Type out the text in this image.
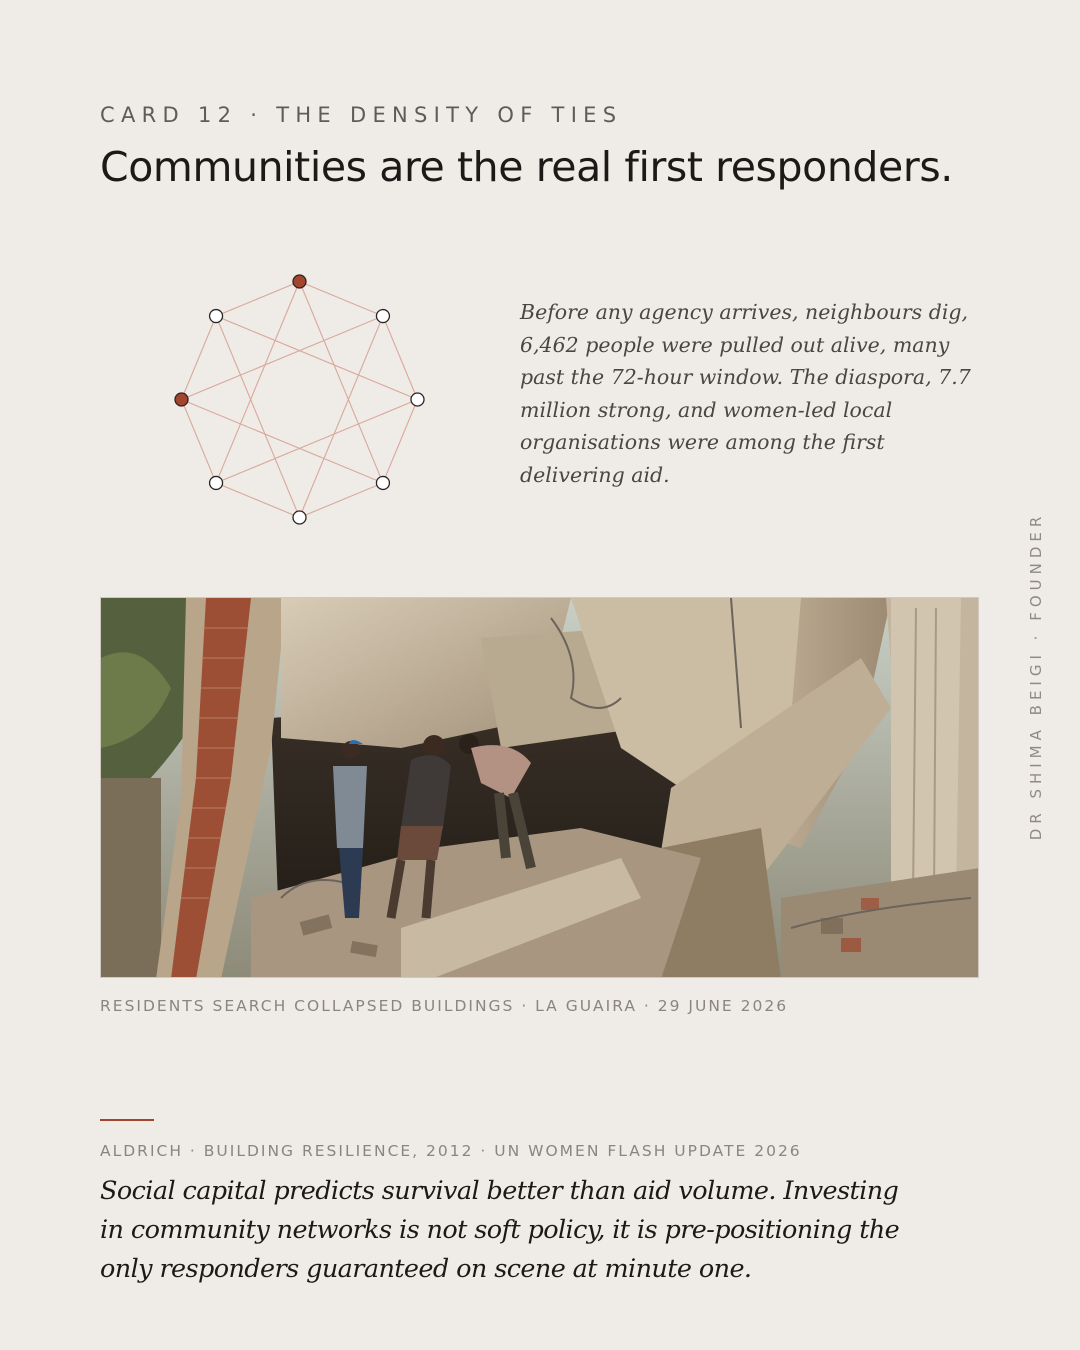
CARD 12 · THE DENSITY OF TIES
Communities are the real first responders.

Before any agency arrives, neighbours dig, 6,462 people were pulled out alive, many past the 72-hour window. The diaspora, 7.7 million strong, and women-led local organisations were among the first delivering aid.

RESIDENTS SEARCH COLLAPSED BUILDINGS · LA GUAIRA · 29 JUNE 2026
ALDRICH · BUILDING RESILIENCE, 2012 · UN WOMEN FLASH UPDATE 2026

Social capital predicts survival better than aid volume. Investing in community networks is not soft policy, it is pre-positioning the only responders guaranteed on scene at minute one.

DR SHIMA BEIGI · FOUNDER
